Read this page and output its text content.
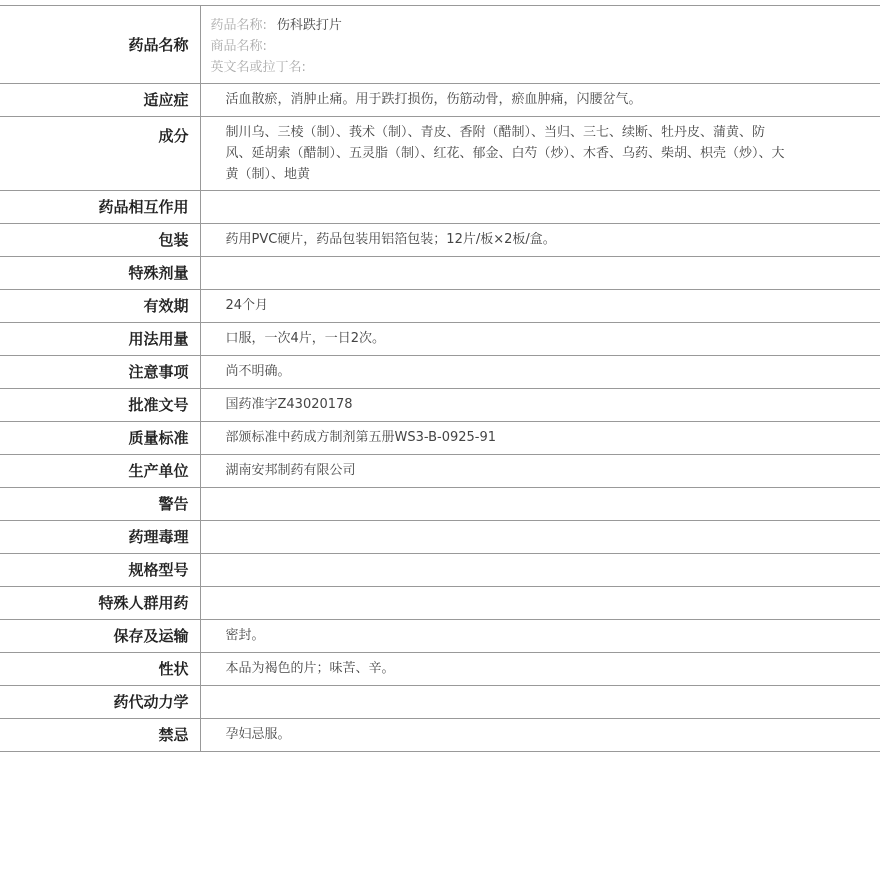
药品名称	药品名称: 伤科跌打片
商品名称:
英文名或拉丁名:

适应症	活血散瘀，消肿止痛。用于跌打损伤，伤筋动骨，瘀血肿痛，闪腰岔气。
成分	制川乌、三棱（制）、莪术（制）、青皮、香附（醋制）、当归、三七、续断、牡丹皮、蒲黄、防风、延胡索（醋制）、五灵脂（制）、红花、郁金、白芍（炒）、木香、乌药、柴胡、枳壳（炒）、大黄（制）、地黄
药品相互作用	
包装	药用PVC硬片，药品包装用铝箔包装；12片/板×2板/盒。
特殊剂量	
有效期	24个月
用法用量	口服，一次4片，一日2次。
注意事项	尚不明确。
批准文号	国药准字Z43020178
质量标准	部颁标准中药成方制剂第五册WS3-B-0925-91
生产单位	湖南安邦制药有限公司
警告	
药理毒理	
规格型号	
特殊人群用药	
保存及运输	密封。
性状	本品为褐色的片；味苦、辛。
药代动力学	
禁忌	孕妇忌服。
